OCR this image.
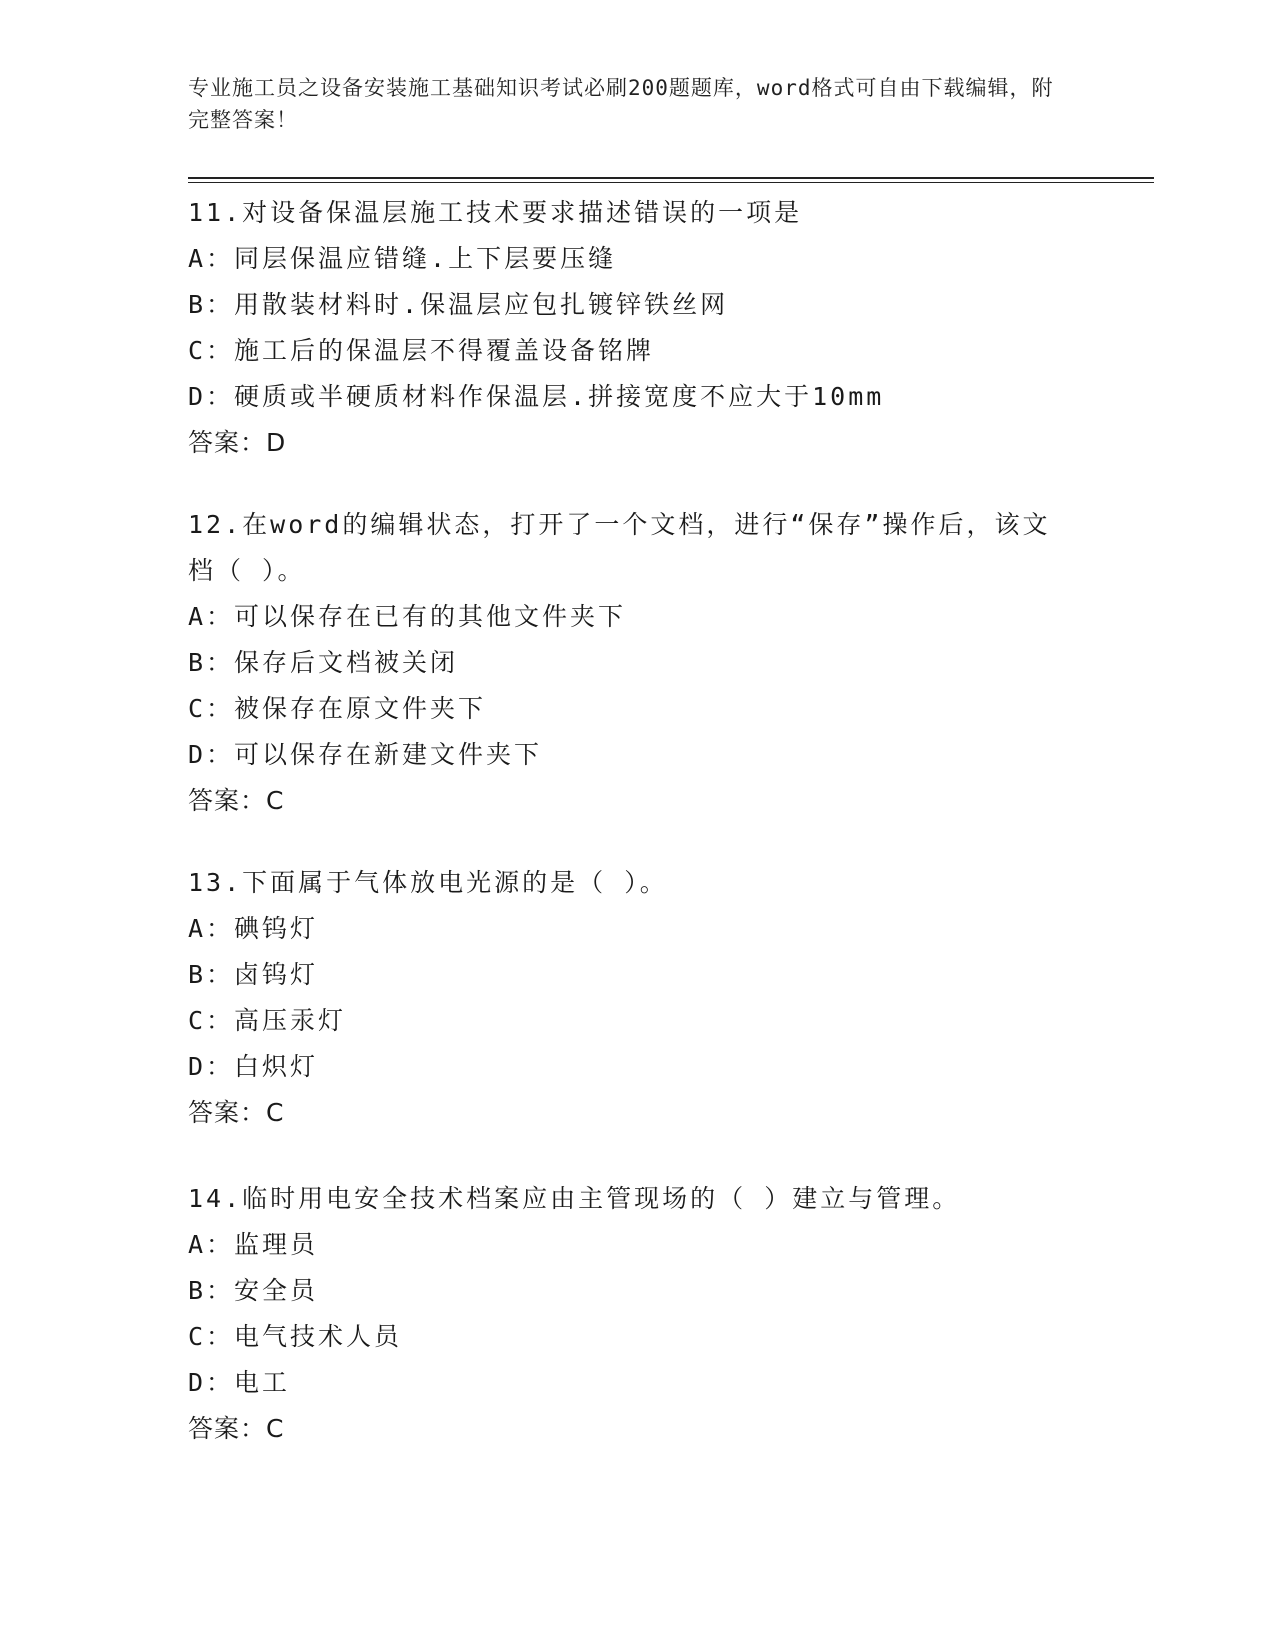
专业施工员之设备安装施工基础知识考试必刷200题题库，word格式可自由下载编辑，附完整答案！
11.对设备保温层施工技术要求描述错误的一项是
A：同层保温应错缝.上下层要压缝
B：用散装材料时.保温层应包扎镀锌铁丝网
C：施工后的保温层不得覆盖设备铭牌
D：硬质或半硬质材料作保温层.拼接宽度不应大于10mm
答案：D
12.在word的编辑状态，打开了一个文档，进行“保存”操作后，该文档（ ）。
A：可以保存在已有的其他文件夹下
B：保存后文档被关闭
C：被保存在原文件夹下
D：可以保存在新建文件夹下
答案：C
13.下面属于气体放电光源的是（ ）。
A：碘钨灯
B：卤钨灯
C：高压汞灯
D：白炽灯
答案：C
14.临时用电安全技术档案应由主管现场的（ ）建立与管理。
A：监理员
B：安全员
C：电气技术人员
D：电工
答案：C
